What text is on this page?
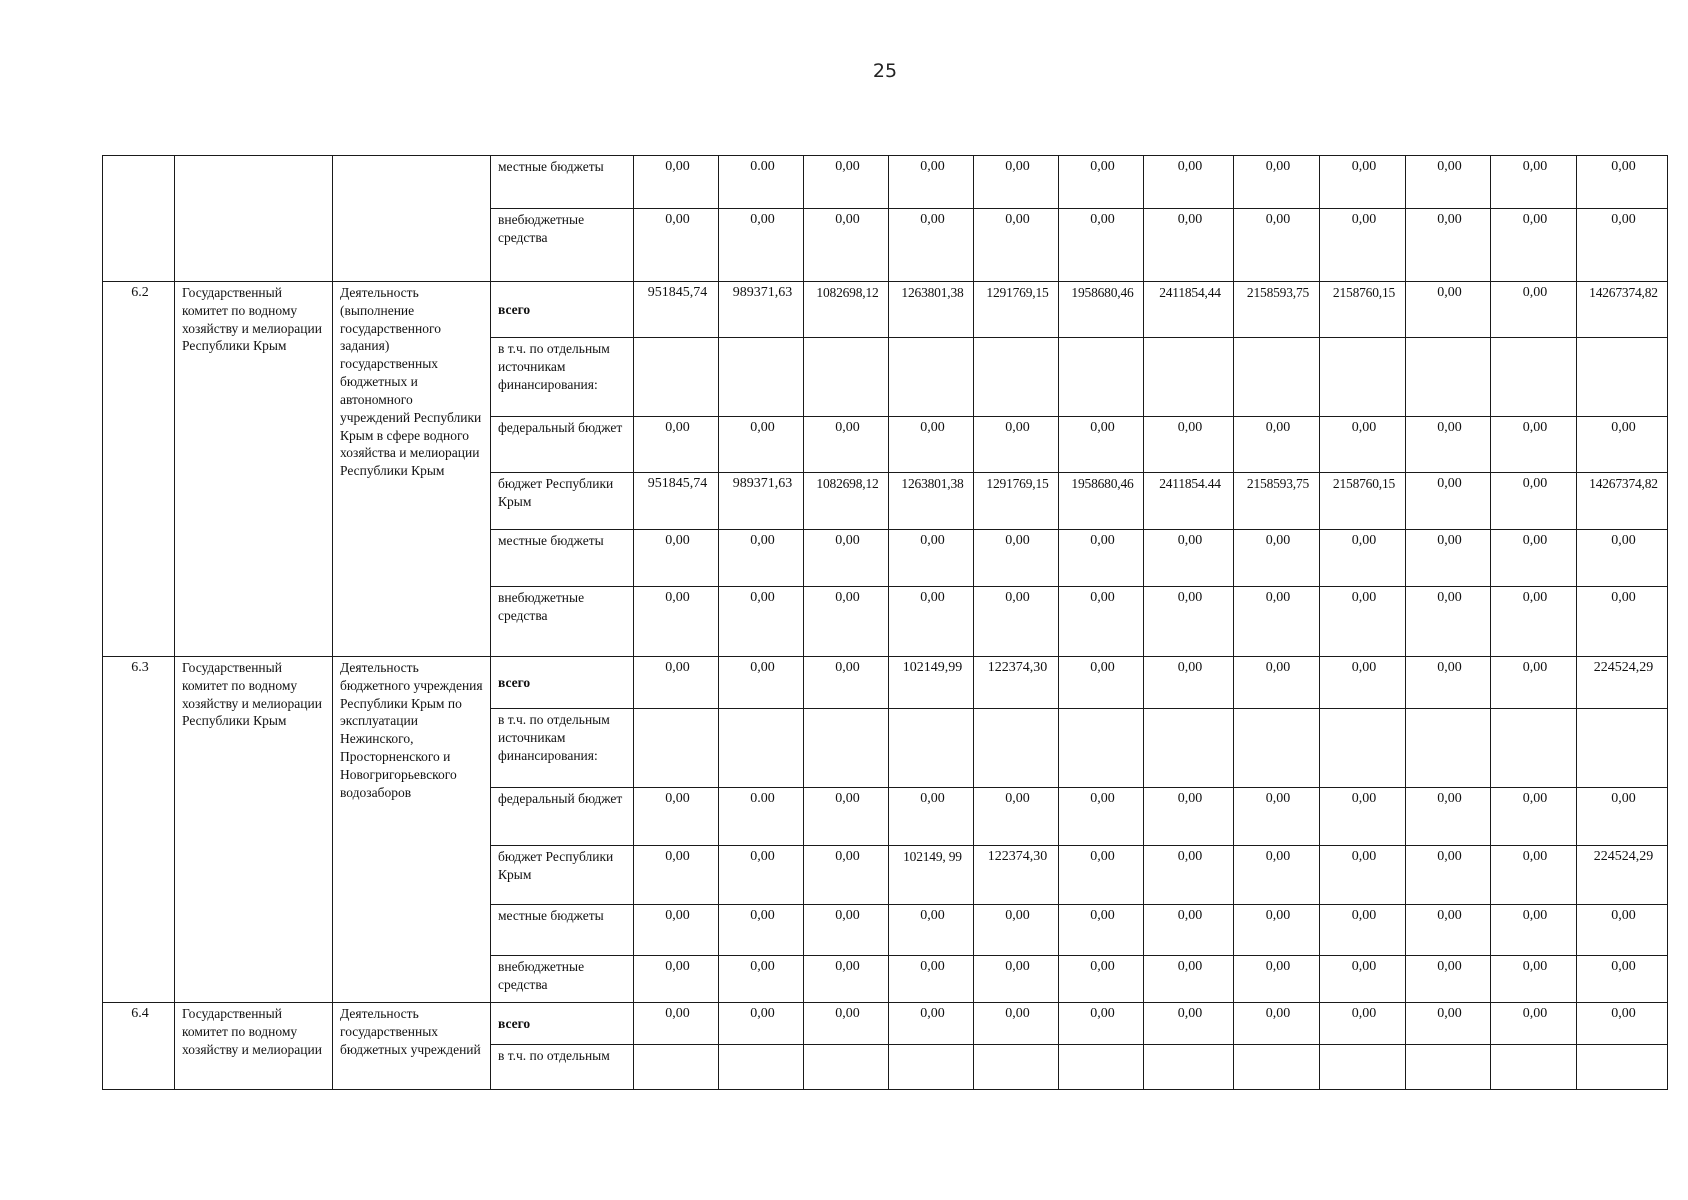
25
			местные бюджеты	0,00	0.00	0,00	0,00	0,00	0,00	0,00	0,00	0,00	0,00	0,00	0,00
			внебюджетные средства	0,00	0,00	0,00	0,00	0,00	0,00	0,00	0,00	0,00	0,00	0,00	0,00
6.2	Государственный комитет по водному хозяйству и мелиорации Республики Крым	Деятельность (выполнение государственного задания) государственных бюджетных и автономного учреждений Республики Крым в сфере водного хозяйства и мелиорации Республики Крым	всего	951845,74	989371,63	1082698,12	1263801,38	1291769,15	1958680,46	2411854,44	2158593,75	2158760,15	0,00	0,00	14267374,82
			в т.ч. по отдельным источникам финансирования:												
			федеральный бюджет	0,00	0,00	0,00	0,00	0,00	0,00	0,00	0,00	0,00	0,00	0,00	0,00
			бюджет Республики Крым	951845,74	989371,63	1082698,12	1263801,38	1291769,15	1958680,46	2411854.44	2158593,75	2158760,15	0,00	0,00	14267374,82
			местные бюджеты	0,00	0,00	0,00	0,00	0,00	0,00	0,00	0,00	0,00	0,00	0,00	0,00
			внебюджетные средства	0,00	0,00	0,00	0,00	0,00	0,00	0,00	0,00	0,00	0,00	0,00	0,00
6.3	Государственный комитет по водному хозяйству и мелиорации Республики Крым	Деятельность бюджетного учреждения Республики Крым по эксплуатации Нежинского, Просторненского и Новогригорьевского водозаборов	всего	0,00	0,00	0,00	102149,99	122374,30	0,00	0,00	0,00	0,00	0,00	0,00	224524,29
			в т.ч. по отдельным источникам финансирования:												
			федеральный бюджет	0,00	0.00	0,00	0,00	0,00	0,00	0,00	0,00	0,00	0,00	0,00	0,00
			бюджет Республики Крым	0,00	0,00	0,00	102149, 99	122374,30	0,00	0,00	0,00	0,00	0,00	0,00	224524,29
			местные бюджеты	0,00	0,00	0,00	0,00	0,00	0,00	0,00	0,00	0,00	0,00	0,00	0,00
			внебюджетные средства	0,00	0,00	0,00	0,00	0,00	0,00	0,00	0,00	0,00	0,00	0,00	0,00
6.4	Государственный комитет по водному хозяйству и мелиорации	Деятельность государственных бюджетных учреждений	всего	0,00	0,00	0,00	0,00	0,00	0,00	0,00	0,00	0,00	0,00	0,00	0,00
			в т.ч. по отдельным												
